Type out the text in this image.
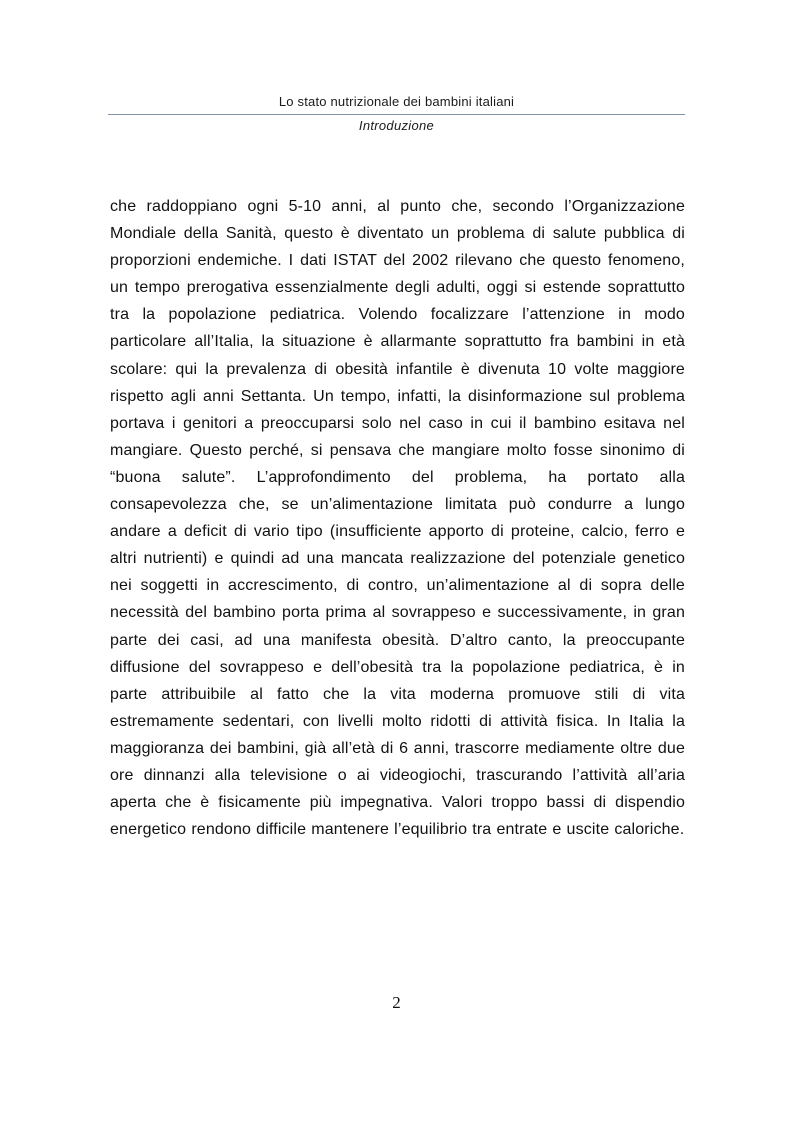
Lo stato nutrizionale dei bambini italiani
Introduzione

che raddoppiano ogni 5-10 anni, al punto che, secondo l’Organizzazione Mondiale della Sanità, questo è diventato un problema di salute pubblica di proporzioni endemiche. I dati ISTAT del 2002 rilevano che questo fenomeno, un tempo prerogativa essenzialmente degli adulti, oggi si estende soprattutto tra la popolazione pediatrica. Volendo focalizzare l’attenzione in modo particolare all’Italia, la situazione è allarmante soprattutto fra bambini in età scolare: qui la prevalenza di obesità infantile è divenuta 10 volte maggiore rispetto agli anni Settanta. Un tempo, infatti, la disinformazione sul problema portava i genitori a preoccuparsi solo nel caso in cui il bambino esitava nel mangiare. Questo perché, si pensava che mangiare molto fosse sinonimo di “buona salute”. L’approfondimento del problema, ha portato alla consapevolezza che, se un’alimentazione limitata può condurre a lungo andare a deficit di vario tipo (insufficiente apporto di proteine, calcio, ferro e altri nutrienti) e quindi ad una mancata realizzazione del potenziale genetico nei soggetti in accrescimento, di contro, un’alimentazione al di sopra delle necessità del bambino porta prima al sovrappeso e successivamente, in gran parte dei casi, ad una manifesta obesità. D’altro canto, la preoccupante diffusione del sovrappeso e dell’obesità tra la popolazione pediatrica, è in parte attribuibile al fatto che la vita moderna promuove stili di vita estremamente sedentari, con livelli molto ridotti di attività fisica. In Italia la maggioranza dei bambini, già all’età di 6 anni, trascorre mediamente oltre due ore dinnanzi alla televisione o ai videogiochi, trascurando l’attività all’aria aperta che è fisicamente più impegnativa. Valori troppo bassi di dispendio energetico rendono difficile mantenere l’equilibrio tra entrate e uscite caloriche.

2
